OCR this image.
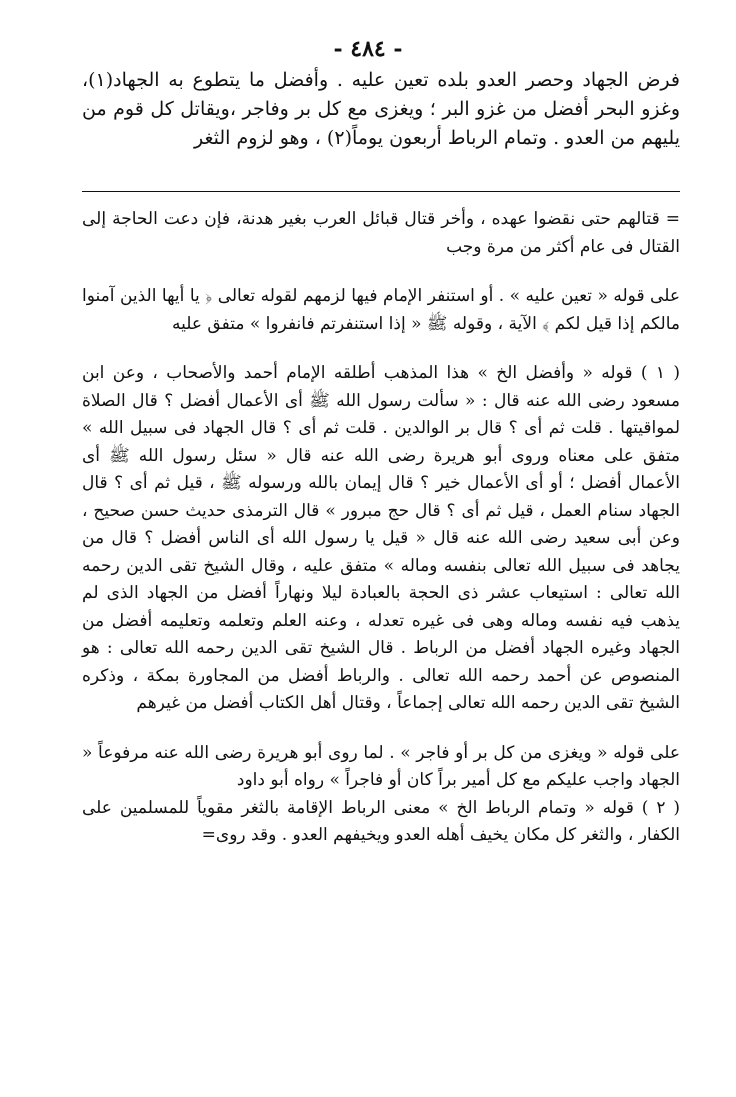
- ٤٨٤ -

فرض الجهاد وحصر العدو بلده تعين عليه . وأفضل ما يتطوع به الجهاد(١)، وغزو البحر أفضل من غزو البر ؛ ويغزى مع كل بر وفاجر ،ويقاتل كل قوم من يليهم من العدو . وتمام الرباط أربعون يوماً(٢) ، وهو لزوم الثغر

= قتالهم حتى نقضوا عهده ، وأخر قتال قبائل العرب بغير هدنة، فإن دعت الحاجة إلى القتال فى عام أكثر من مرة وجب

على قوله « تعين عليه » . أو استنفر الإمام فيها لزمهم لقوله تعالى ﴿ يا أيها الذين آمنوا مالكم إذا قيل لكم ﴾ الآية ، وقوله ﷺ « إذا استنفرتم فانفروا » متفق عليه

( ١ ) قوله « وأفضل الخ » هذا المذهب أطلقه الإمام أحمد والأصحاب ، وعن ابن مسعود رضى الله عنه قال : « سألت رسول الله ﷺ أى الأعمال أفضل ؟ قال الصلاة لمواقيتها . قلت ثم أى ؟ قال بر الوالدين . قلت ثم أى ؟ قال الجهاد فى سبيل الله » متفق على معناه وروى أبو هريرة رضى الله عنه قال « سئل رسول الله ﷺ أى الأعمال أفضل ؛ أو أى الأعمال خير ؟ قال إيمان بالله ورسوله ﷺ ، قيل ثم أى ؟ قال الجهاد سنام العمل ، قيل ثم أى ؟ قال حج مبرور » قال الترمذى حديث حسن صحيح ، وعن أبى سعيد رضى الله عنه قال « قيل يا رسول الله أى الناس أفضل ؟ قال من يجاهد فى سبيل الله تعالى بنفسه وماله » متفق عليه ، وقال الشيخ تقى الدين رحمه الله تعالى : استيعاب عشر ذى الحجة بالعبادة ليلا ونهاراً أفضل من الجهاد الذى لم يذهب فيه نفسه وماله وهى فى غيره تعدله ، وعنه العلم وتعلمه وتعليمه أفضل من الجهاد وغيره الجهاد أفضل من الرباط . قال الشيخ تقى الدين رحمه الله تعالى : هو المنصوص عن أحمد رحمه الله تعالى . والرباط أفضل من المجاورة بمكة ، وذكره الشيخ تقى الدين رحمه الله تعالى إجماعاً ، وقتال أهل الكتاب أفضل من غيرهم

على قوله « ويغزى من كل بر أو فاجر » . لما روى أبو هريرة رضى الله عنه مرفوعاً « الجهاد واجب عليكم مع كل أمير براً كان أو فاجراً » رواه أبو داود

( ٢ ) قوله « وتمام الرباط الخ » معنى الرباط الإقامة بالثغر مقوياً للمسلمين على الكفار ، والثغر كل مكان يخيف أهله العدو ويخيفهم العدو . وقد روى=
